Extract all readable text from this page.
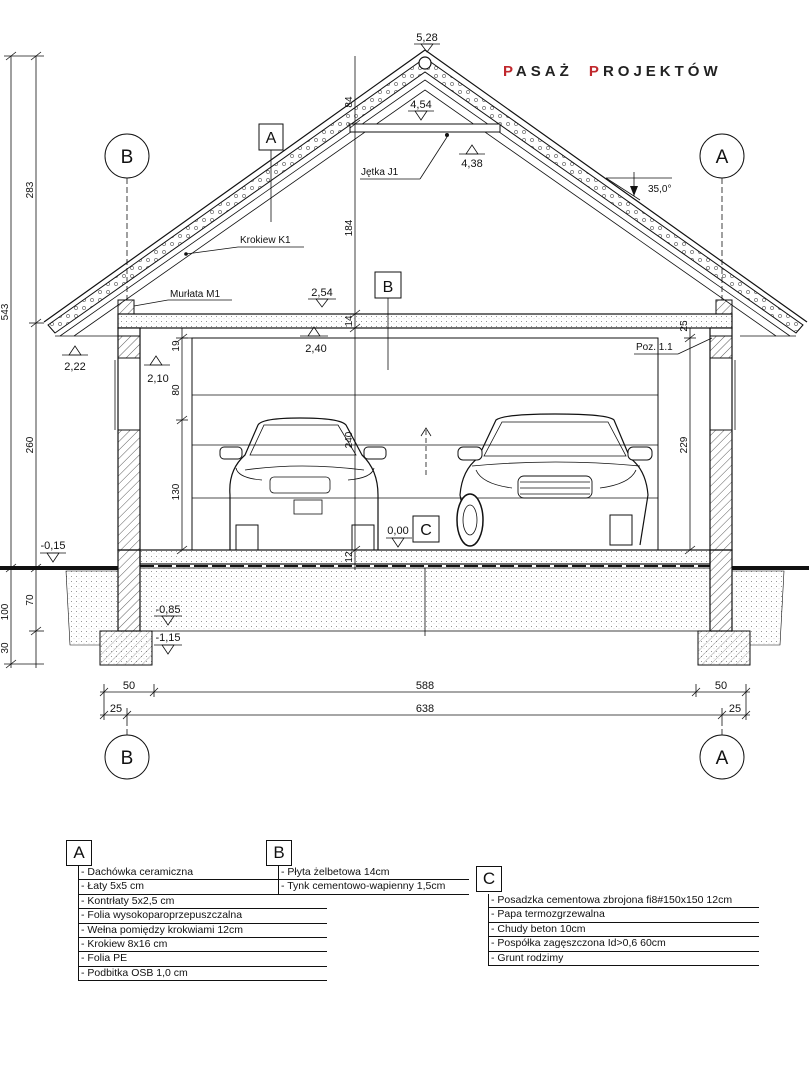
PASAŻ PROJEKTÓW
B	A
B	A
A
B
C
5,28
4,54
4,38
2,54
2,40
2,22
2,10
0,00
-0,15
-0,85
-1,15
Jętka J1
Krokiew K1
Murłata M1
Poz. 1.1
35,0°
543
283
260
100
70
30
84
184
14
240
12
19
80
130
25
229
50	588	50
25	638	25
A
- Dachówka ceramiczna
- Łaty 5x5 cm
- Kontrłaty 5x2,5 cm
- Folia wysokoparoprzepuszczalna
- Wełna pomiędzy krokwiami 12cm
- Krokiew 8x16 cm
- Folia PE
- Podbitka OSB 1,0 cm
B
- Płyta żelbetowa 14cm
- Tynk cementowo-wapienny 1,5cm	C
- Posadzka cementowa zbrojona fi8#150x150 12cm
- Papa termozgrzewalna
- Chudy beton 10cm
- Pospółka zagęszczona Id>0,6 60cm
- Grunt rodzimy
